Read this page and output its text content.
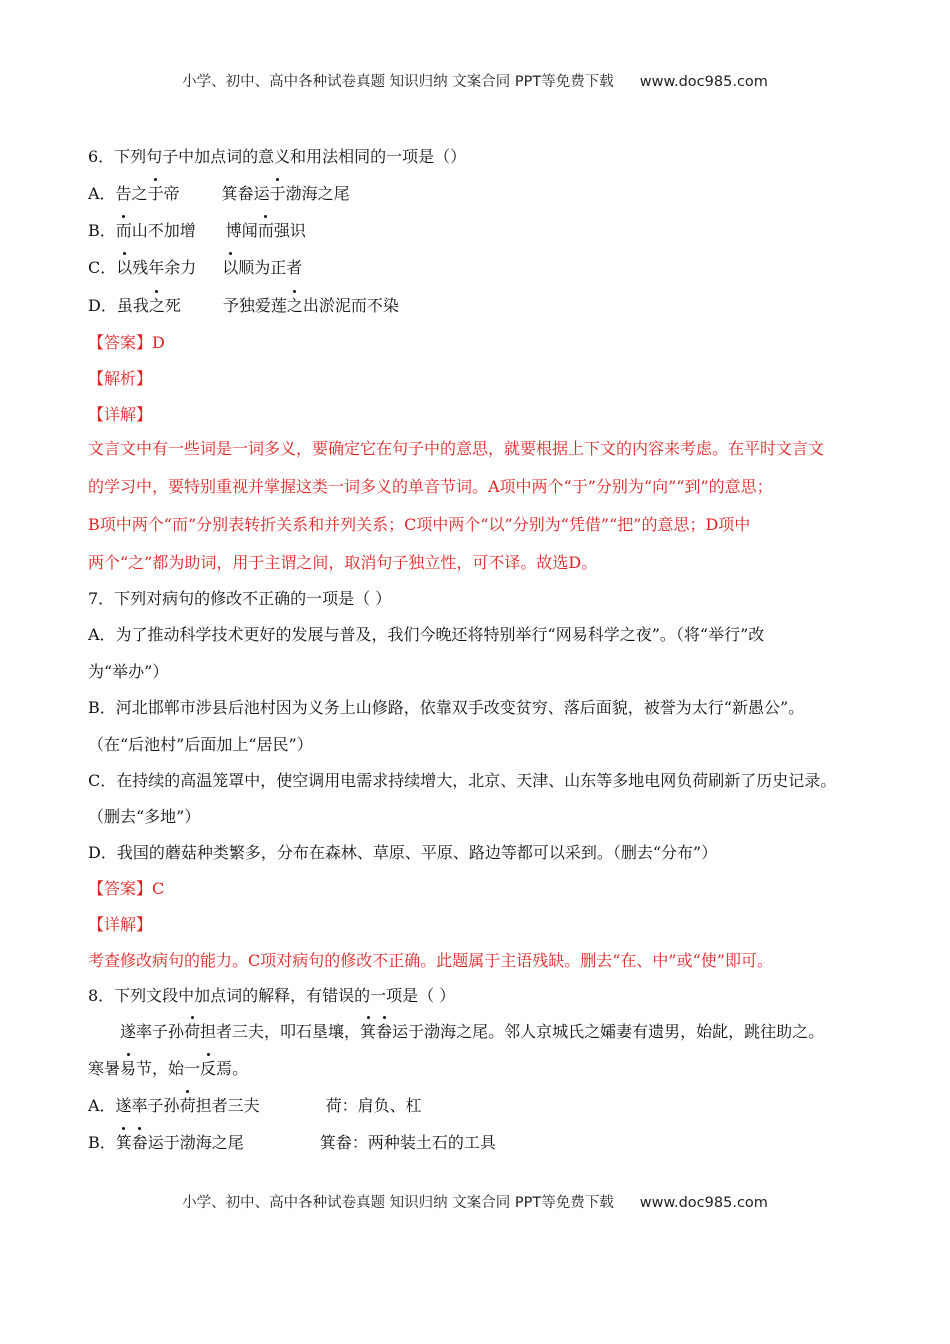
小学、初中、高中各种试卷真题 知识归纳 文案合同 PPT等免费下载 www.doc985.com
6．下列句子中加点词的意义和用法相同的一项是（）
A．告之于帝	箕畚运于渤海之尾
B．而山不加增 博闻而强识
C．以残年余力 以顺为正者
D．虽我之死	予独爱莲之出淤泥而不染
【答案】D
【解析】
【详解】
文言文中有一些词是一词多义，要确定它在句子中的意思，就要根据上下文的内容来考虑。在平时文言文
的学习中，要特别重视并掌握这类一词多义的单音节词。A项中两个“于”分别为“向”“到”的意思；
B项中两个“而”分别表转折关系和并列关系；C项中两个“以”分别为“凭借”“把”的意思；D项中
两个“之”都为助词，用于主谓之间，取消句子独立性，可不译。故选D。
7．下列对病句的修改不正确的一项是（ ）
A．为了推动科学技术更好的发展与普及，我们今晚还将特别举行“网易科学之夜”。（将“举行”改
为“举办”）
B．河北邯郸市涉县后池村因为义务上山修路，依靠双手改变贫穷、落后面貌，被誉为太行“新愚公”。
（在“后池村”后面加上“居民”）
C．在持续的高温笼罩中，使空调用电需求持续增大，北京、天津、山东等多地电网负荷刷新了历史记录。
（删去“多地”）
D．我国的蘑菇种类繁多，分布在森林、草原、平原、路边等都可以采到。（删去“分布”）
【答案】C
【详解】
考查修改病句的能力。C项对病句的修改不正确。此题属于主语残缺。删去“在、中”或“使”即可。
8．下列文段中加点词的解释，有错误的一项是（ ）
遂率子孙荷担者三夫，叩石垦壤，箕畚运于渤海之尾。邻人京城氏之孀妻有遗男，始龀，跳往助之。
寒暑易节，始一反焉。
A．遂率子孙荷担者三夫	荷：肩负、杠
B．箕畚运于渤海之尾	箕畚：两种装土石的工具
小学、初中、高中各种试卷真题 知识归纳 文案合同 PPT等免费下载 www.doc985.com
